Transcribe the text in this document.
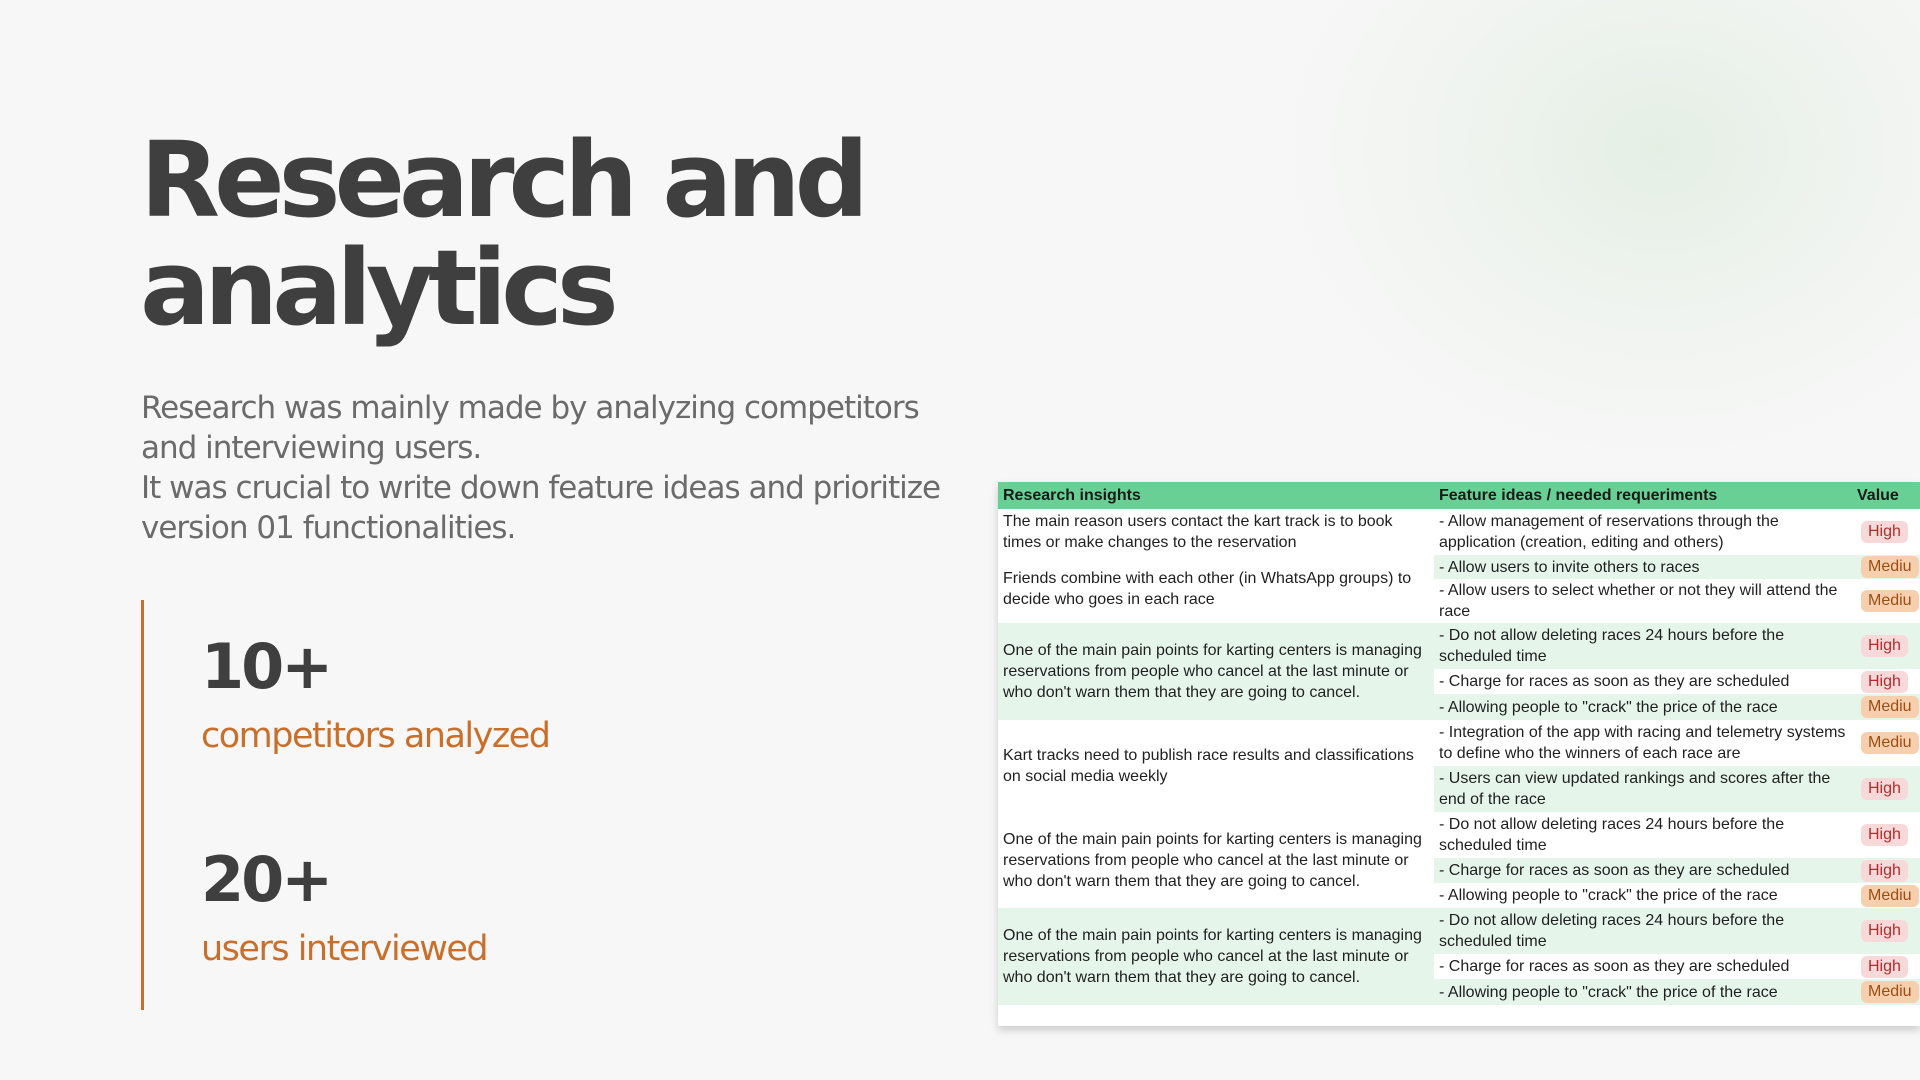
Research and
analytics

Research was mainly made by analyzing competitors
and interviewing users.
It was crucial to write down feature ideas and prioritize
version 01 functionalities.

10+
competitors analyzed
20+
users interviewed
Research insights	Feature ideas / needed requeriments	Value
The main reason users contact the kart track is to book times or make changes to the reservation	- Allow management of reservations through the application (creation, editing and others)	High
Friends combine with each other (in WhatsApp groups) to decide who goes in each race	- Allow users to invite others to races	Mediu
	- Allow users to select whether or not they will attend the race	Mediu
One of the main pain points for karting centers is managing reservations from people who cancel at the last minute or who don't warn them that they are going to cancel.	- Do not allow deleting races 24 hours before the scheduled time	High
	- Charge for races as soon as they are scheduled	High
	- Allowing people to "crack" the price of the race	Mediu
Kart tracks need to publish race results and classifications on social media weekly	- Integration of the app with racing and telemetry systems to define who the winners of each race are	Mediu
	- Users can view updated rankings and scores after the end of the race	High
One of the main pain points for karting centers is managing reservations from people who cancel at the last minute or who don't warn them that they are going to cancel.	- Do not allow deleting races 24 hours before the scheduled time	High
	- Charge for races as soon as they are scheduled	High
	- Allowing people to "crack" the price of the race	Mediu
One of the main pain points for karting centers is managing reservations from people who cancel at the last minute or who don't warn them that they are going to cancel.	- Do not allow deleting races 24 hours before the scheduled time	High
	- Charge for races as soon as they are scheduled	High
	- Allowing people to "crack" the price of the race	Mediu
